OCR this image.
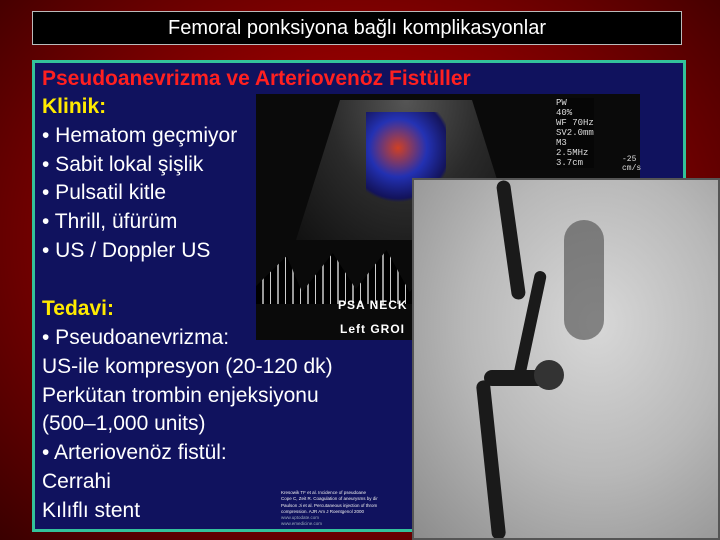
Femoral ponksiyona bağlı komplikasyonlar
PW
40%
WF 70Hz
SV2.0mm
M3
2.5MHz
3.7cm
PSA NECK
Left GROI
Pseudoanevrizma ve Arteriovenöz Fistüller
Klinik:
• Hematom geçmiyor
• Sabit lokal şişlik
• Pulsatil kitle
• Thrill, üfürüm
• US / Doppler US
Tedavi:
• Pseudoanevrizma:
US-ile kompresyon (20-120 dk)
Perkütan trombin enjeksiyonu
(500–1,000 units)
• Arteriovenöz fistül:
Cerrahi
Kılıflı stent
Kresowik TF et al. Incidence of pseudoane
Cope C, Zeit R. Coagulation of aneurysms by dir
Paulson Ji et al. Percutaneous injection of throm
compression. AJR Am J Roentgenol 2000
www.uptodate.com
www.emedicine.com
-25
cm/s
